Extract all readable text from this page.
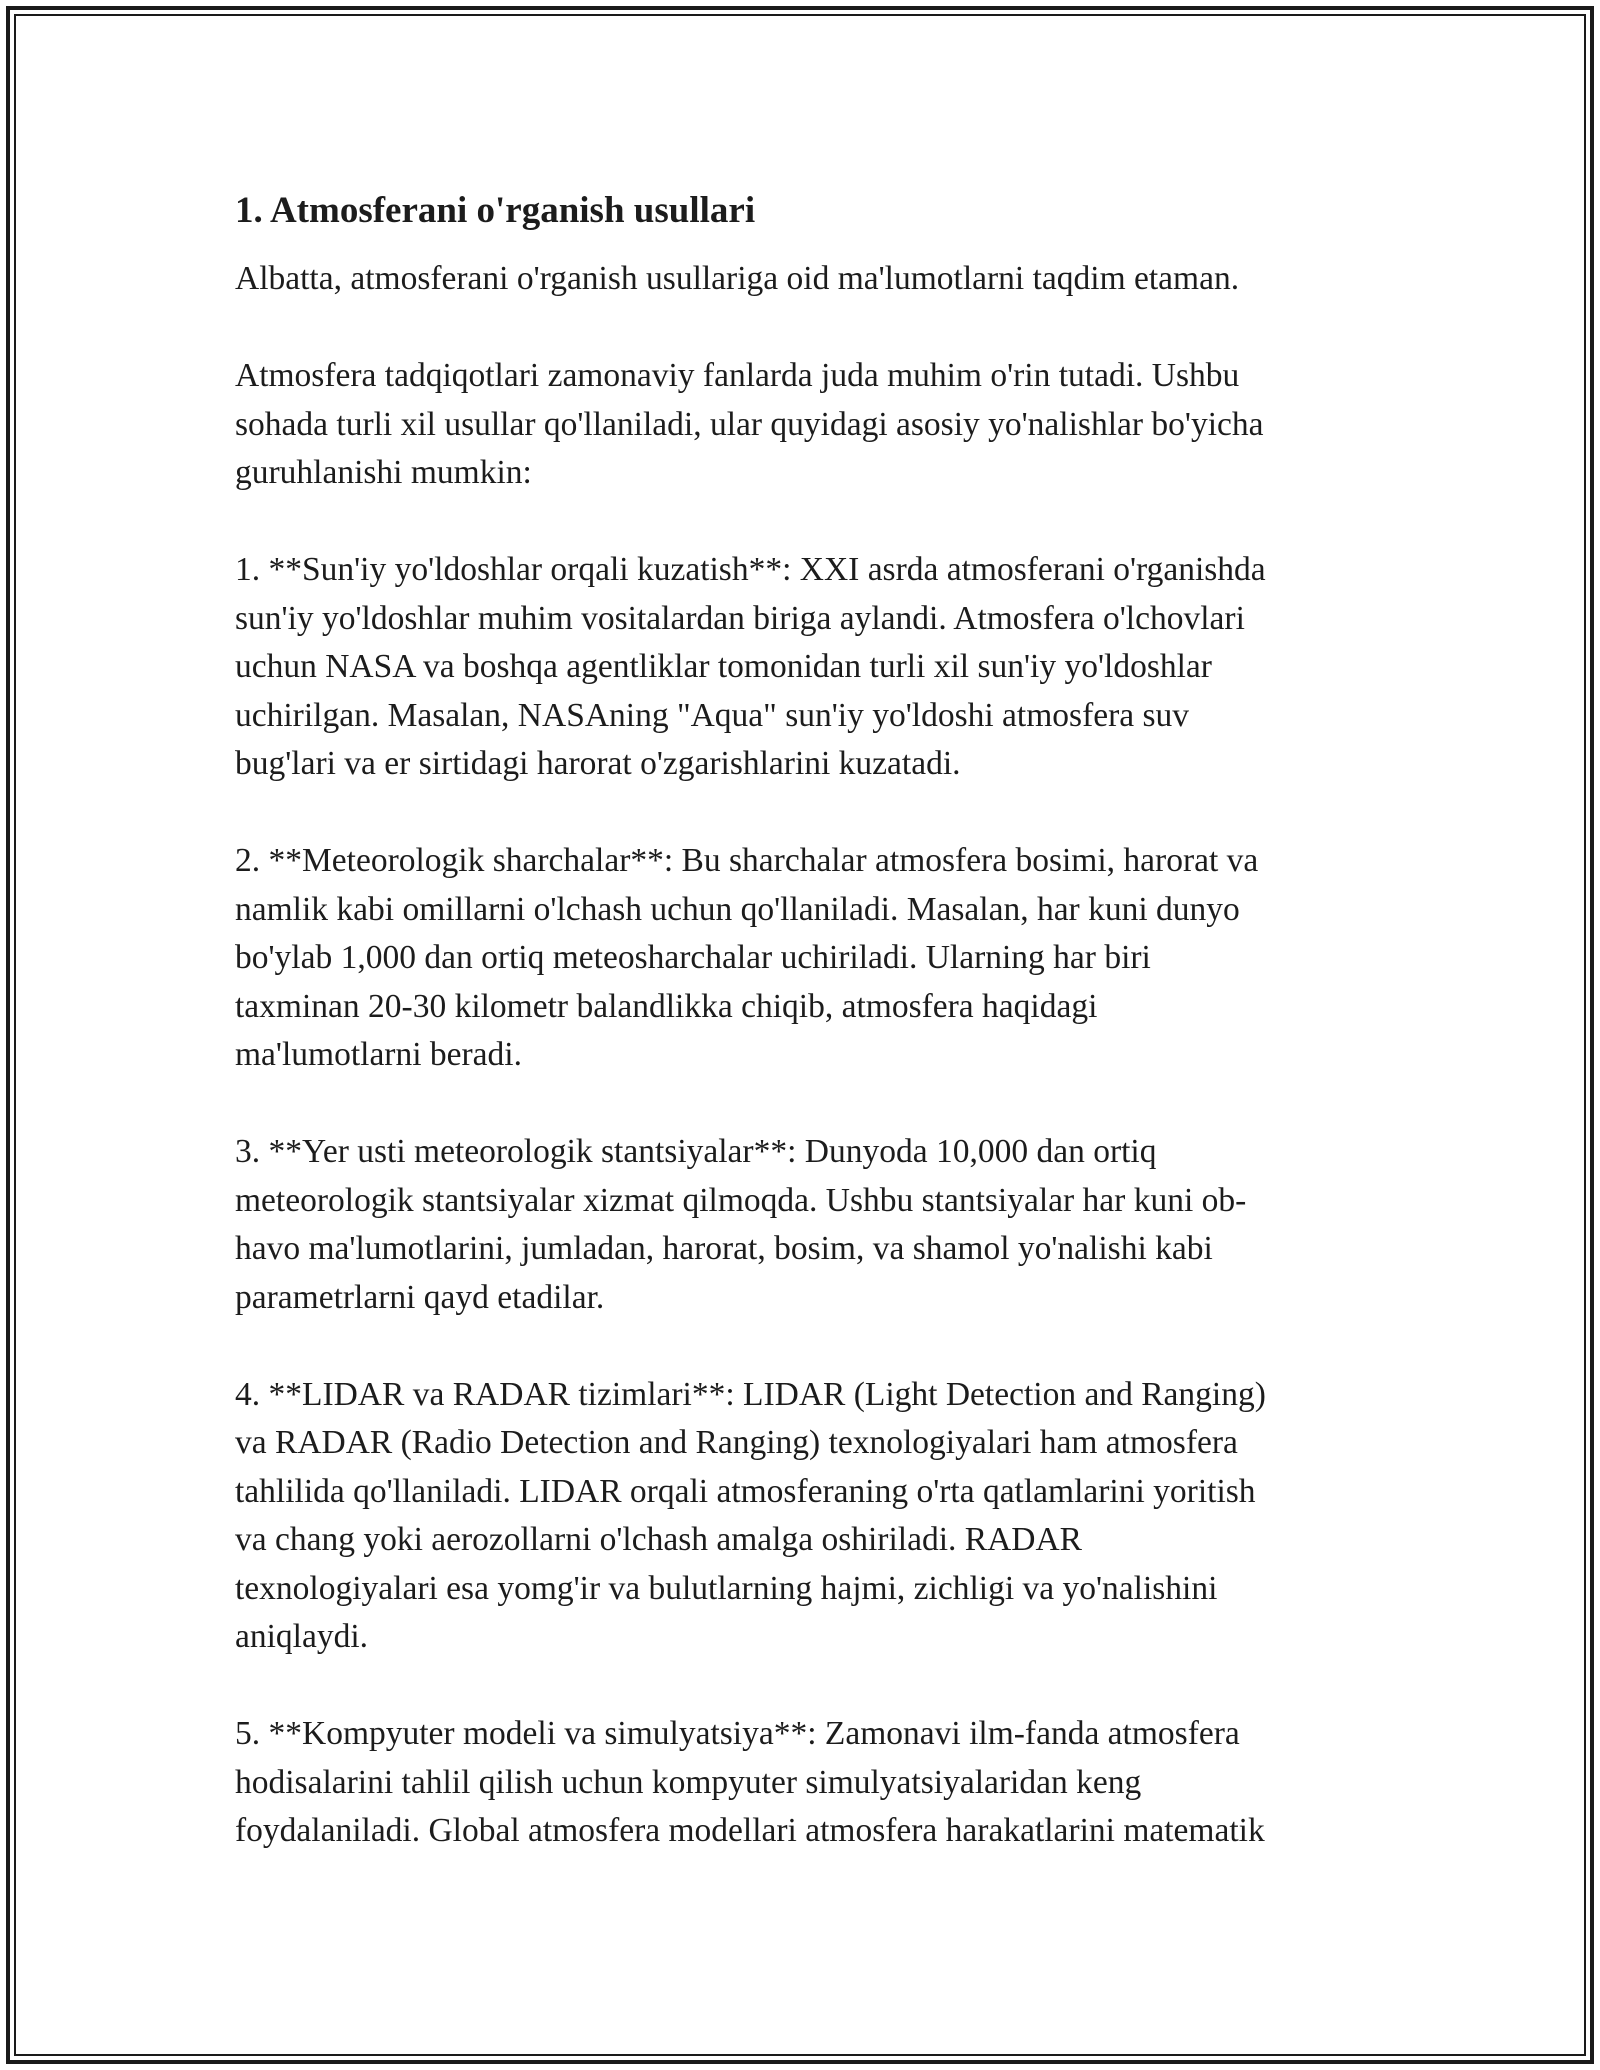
1. Atmosferani o'rganish usullari

Albatta, atmosferani o'rganish usullariga oid ma'lumotlarni taqdim etaman.

Atmosfera tadqiqotlari zamonaviy fanlarda juda muhim o'rin tutadi. Ushbu
sohada turli xil usullar qo'llaniladi, ular quyidagi asosiy yo'nalishlar bo'yicha
guruhlanishi mumkin:

1. **Sun'iy yo'ldoshlar orqali kuzatish**: XXI asrda atmosferani o'rganishda
sun'iy yo'ldoshlar muhim vositalardan biriga aylandi. Atmosfera o'lchovlari
uchun NASA va boshqa agentliklar tomonidan turli xil sun'iy yo'ldoshlar
uchirilgan. Masalan, NASAning "Aqua" sun'iy yo'ldoshi atmosfera suv
bug'lari va er sirtidagi harorat o'zgarishlarini kuzatadi.

2. **Meteorologik sharchalar**: Bu sharchalar atmosfera bosimi, harorat va
namlik kabi omillarni o'lchash uchun qo'llaniladi. Masalan, har kuni dunyo
bo'ylab 1,000 dan ortiq meteosharchalar uchiriladi. Ularning har biri
taxminan 20-30 kilometr balandlikka chiqib, atmosfera haqidagi
ma'lumotlarni beradi.

3. **Yer usti meteorologik stantsiyalar**: Dunyoda 10,000 dan ortiq
meteorologik stantsiyalar xizmat qilmoqda. Ushbu stantsiyalar har kuni ob-
havo ma'lumotlarini, jumladan, harorat, bosim, va shamol yo'nalishi kabi
parametrlarni qayd etadilar.

4. **LIDAR va RADAR tizimlari**: LIDAR (Light Detection and Ranging)
va RADAR (Radio Detection and Ranging) texnologiyalari ham atmosfera
tahlilida qo'llaniladi. LIDAR orqali atmosferaning o'rta qatlamlarini yoritish
va chang yoki aerozollarni o'lchash amalga oshiriladi. RADAR
texnologiyalari esa yomg'ir va bulutlarning hajmi, zichligi va yo'nalishini
aniqlaydi.

5. **Kompyuter modeli va simulyatsiya**: Zamonavi ilm-fanda atmosfera
hodisalarini tahlil qilish uchun kompyuter simulyatsiyalaridan keng
foydalaniladi. Global atmosfera modellari atmosfera harakatlarini matematik
